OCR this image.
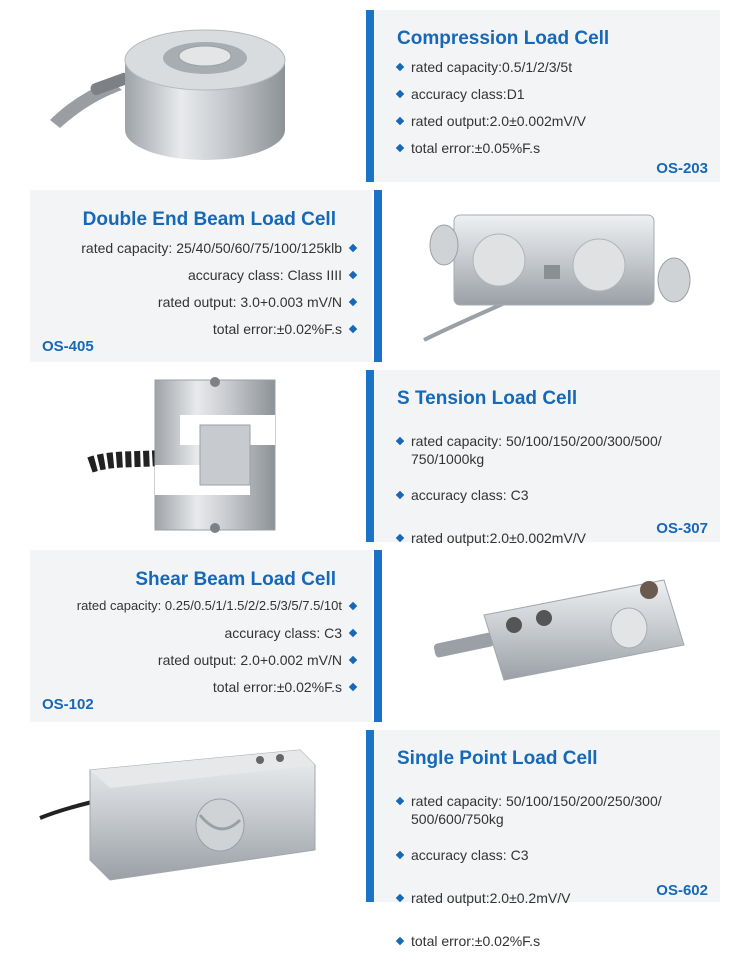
Compression Load Cell
rated capacity:0.5/1/2/3/5t
accuracy class:D1
rated output:2.0±0.002mV/V
total error:±0.05%F.s
OS-203
Double End Beam Load Cell
rated capacity: 25/40/50/60/75/100/125klb
accuracy class: Class IIII
rated output: 3.0+0.003 mV/N
total error:±0.02%F.s
OS-405
S Tension Load Cell

rated capacity: 50/100/150/200/300/500/
750/1000kg

accuracy class: C3

rated output:2.0±0.002mV/V

OS-307
Shear Beam Load Cell
rated capacity: 0.25/0.5/1/1.5/2/2.5/3/5/7.5/10t
accuracy class: C3
rated output: 2.0+0.002 mV/N
total error:±0.02%F.s
OS-102
Single Point Load Cell

rated capacity: 50/100/150/200/250/300/
500/600/750kg

accuracy class: C3

rated output:2.0±0.2mV/V

total error:±0.02%F.s

OS-602
